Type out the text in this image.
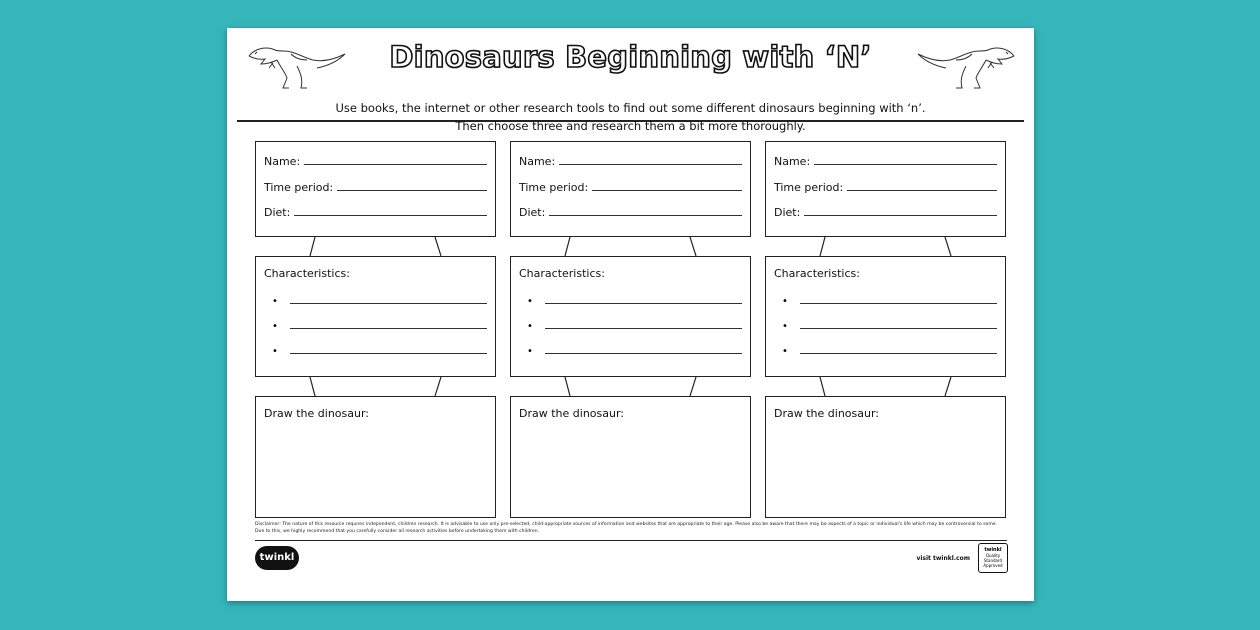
Dinosaurs Beginning with ‘N’
Use books, the internet or other research tools to find out some different dinosaurs beginning with ‘n’.
Then choose three and research them a bit more thoroughly.
Name:
Time period:
Diet:
Characteristics:
•
•
•
Draw the dinosaur:
Name:
Time period:
Diet:
Characteristics:
•
•
•
Draw the dinosaur:
Name:
Time period:
Diet:
Characteristics:
•
•
•
Draw the dinosaur:
Disclaimer: The nature of this resource requires independent, children research. It is advisable to use only pre-selected, child-appropriate sources of information and websites that are appropriate to their age. Please also be aware that there may be aspects of a topic or individual's life which may be controversial to some. Due to this, we highly recommend that you carefully consider all research activities before undertaking them with children.
twinkl	visit twinkl.com
twinkl
Quality Standard Approved
